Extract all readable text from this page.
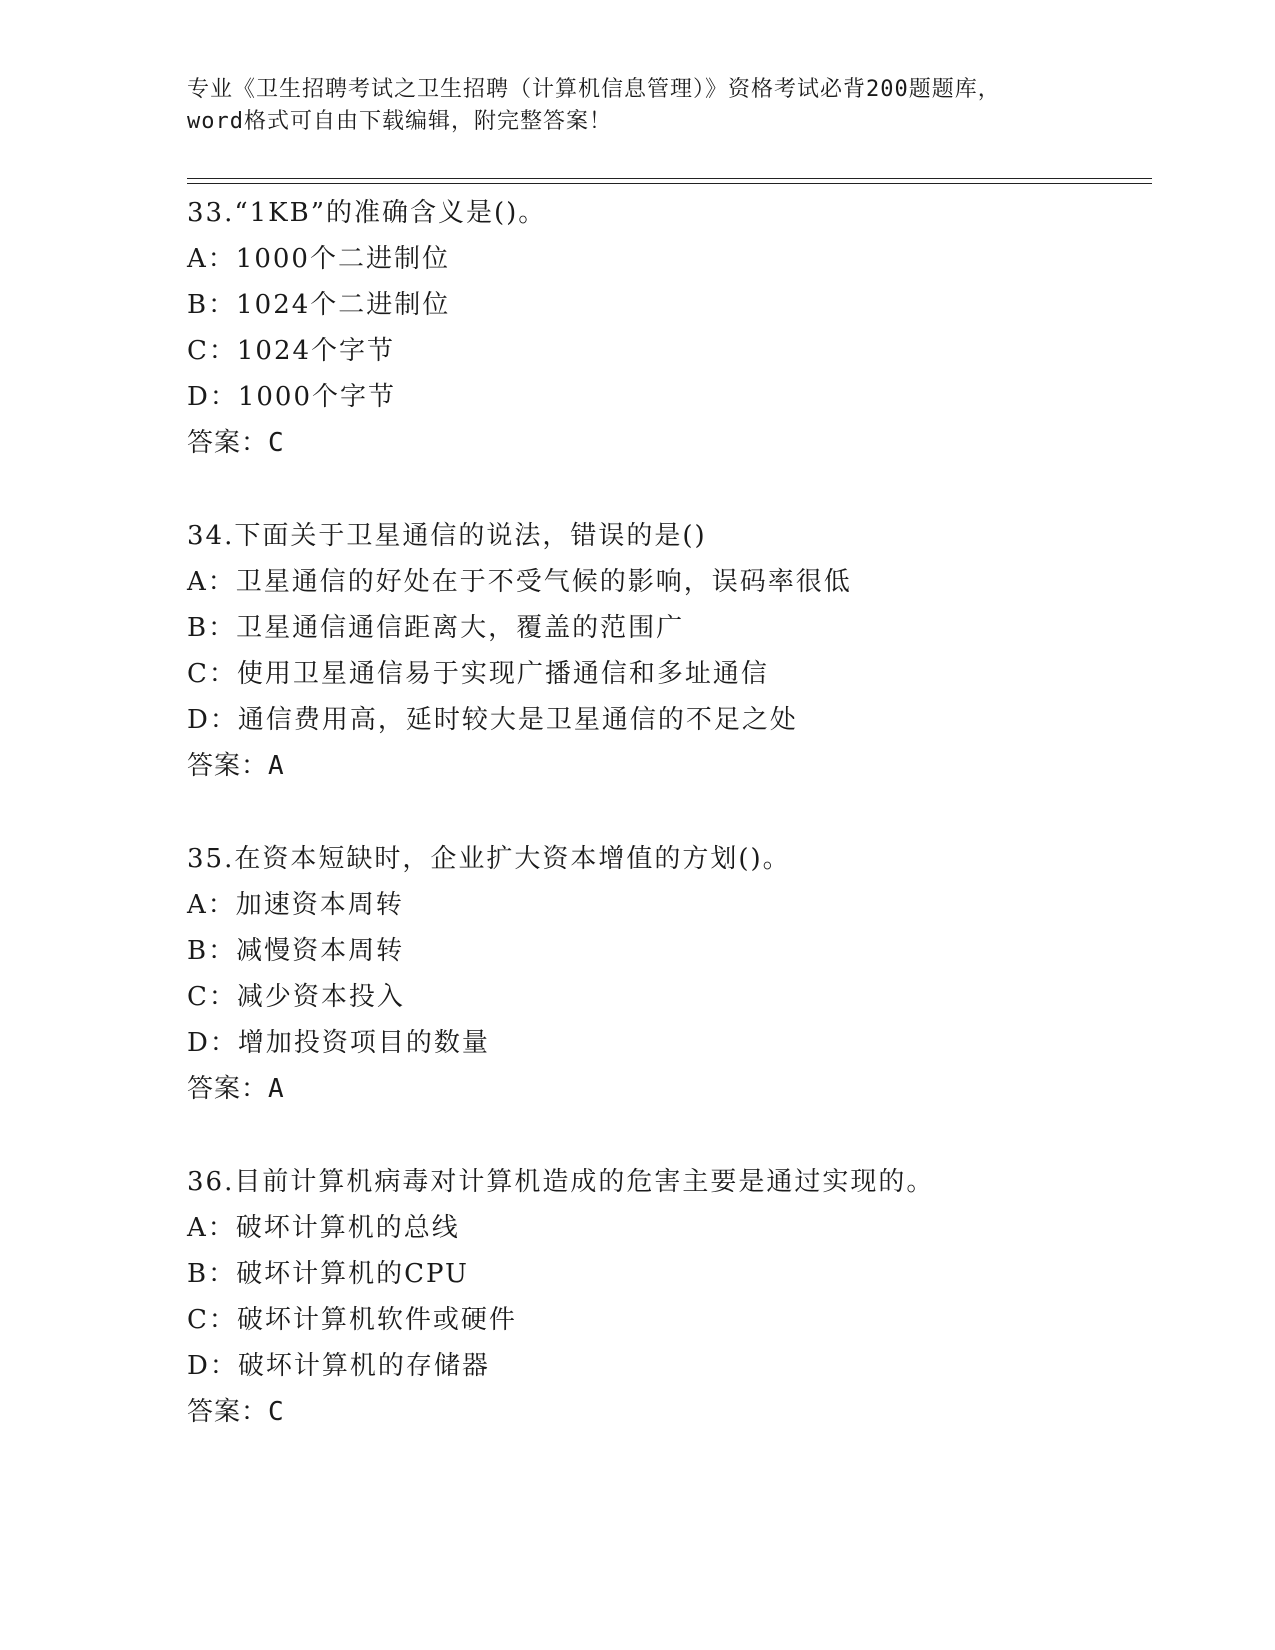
专业《卫生招聘考试之卫生招聘（计算机信息管理）》资格考试必背200题题库，
word格式可自由下载编辑，附完整答案！
33.“1KB”的准确含义是()。
A：1000个二进制位
B：1024个二进制位
C：1024个字节
D：1000个字节
答案：C
34.下面关于卫星通信的说法，错误的是()
A：卫星通信的好处在于不受气候的影响，误码率很低
B：卫星通信通信距离大，覆盖的范围广
C：使用卫星通信易于实现广播通信和多址通信
D：通信费用高，延时较大是卫星通信的不足之处
答案：A
35.在资本短缺时，企业扩大资本增值的方划()。
A：加速资本周转
B：减慢资本周转
C：减少资本投入
D：增加投资项目的数量
答案：A
36.目前计算机病毒对计算机造成的危害主要是通过实现的。
A：破坏计算机的总线
B：破坏计算机的CPU
C：破坏计算机软件或硬件
D：破坏计算机的存储器
答案：C
